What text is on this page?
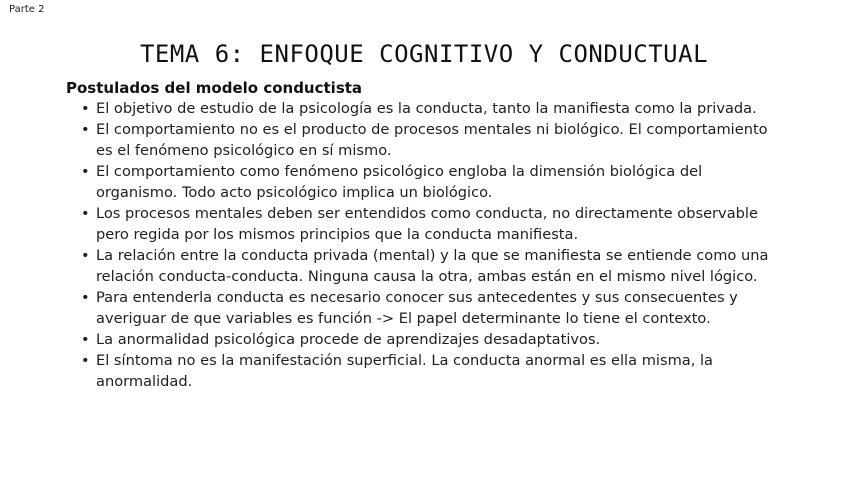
Parte 2
TEMA 6: ENFOQUE COGNITIVO Y CONDUCTUAL

Postulados del modelo conductista

• El objetivo de estudio de la psicología es la conducta, tanto la manifiesta como la privada.
• El comportamiento no es el producto de procesos mentales ni biológico. El comportamiento es el fenómeno psicológico en sí mismo.
• El comportamiento como fenómeno psicológico engloba la dimensión biológica del organismo. Todo acto psicológico implica un biológico.
• Los procesos mentales deben ser entendidos como conducta, no directamente observable pero regida por los mismos principios que la conducta manifiesta.
• La relación entre la conducta privada (mental) y la que se manifiesta se entiende como una relación conducta-conducta. Ninguna causa la otra, ambas están en el mismo nivel lógico.
• Para entenderla conducta es necesario conocer sus antecedentes y sus consecuentes y averiguar de que variables es función -> El papel determinante lo tiene el contexto.
• La anormalidad psicológica procede de aprendizajes desadaptativos.
• El síntoma no es la manifestación superficial. La conducta anormal es ella misma, la anormalidad.
